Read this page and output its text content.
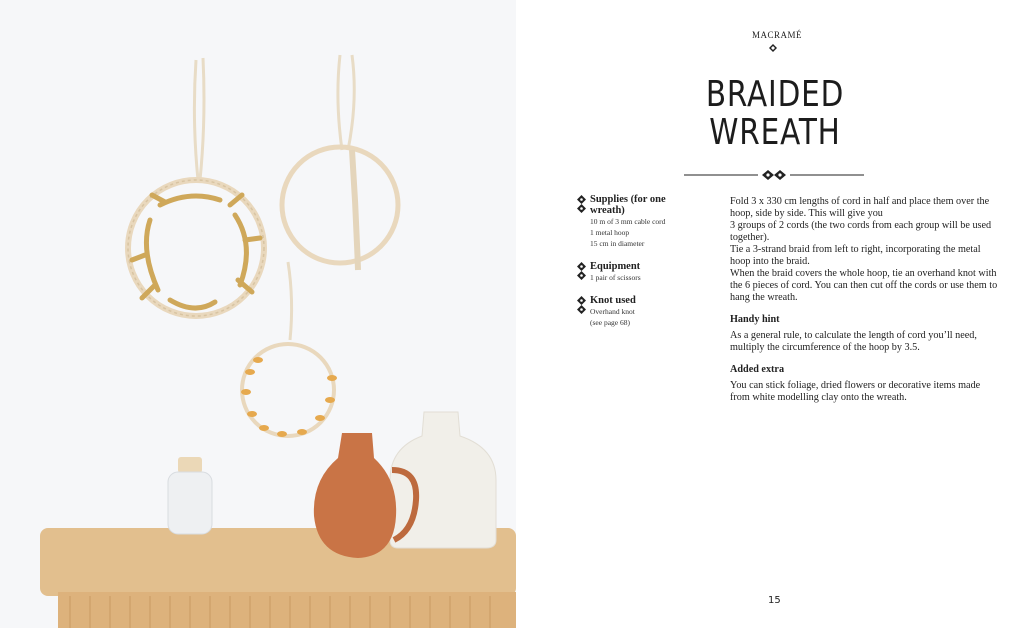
MACRAMÉ
BRAIDED
WREATH
Supplies (for one wreath)
10 m of 3 mm cable cord
1 metal hoop
15 cm in diameter
Equipment
1 pair of scissors
Knot used
Overhand knot
(see page 68)

Fold 3 x 330 cm lengths of cord in half and place them over the hoop, side by side. This will give you

3 groups of 2 cords (the two cords from each group will be used together).

Tie a 3-strand braid from left to right, incorporating the metal hoop into the braid.

When the braid covers the whole hoop, tie an overhand knot with the 6 pieces of cord. You can then cut off the cords or use them to hang the wreath.

Handy hint

As a general rule, to calculate the length of cord you’ll need, multiply the circumference of the hoop by 3.5.

Added extra

You can stick foliage, dried flowers or decorative items made from white modelling clay onto the wreath.

15
